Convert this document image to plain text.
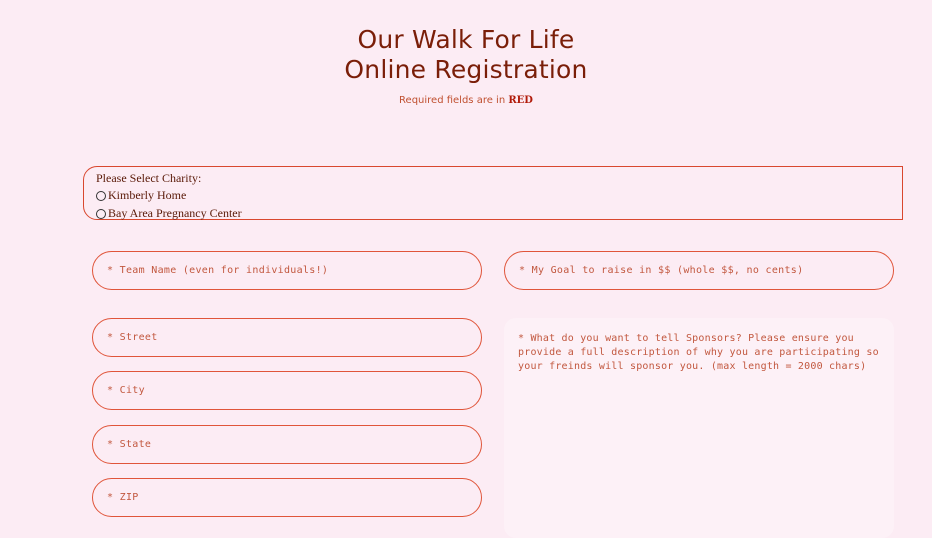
Our Walk For Life
Online Registration
Required fields are in RED
Please Select Charity:
Kimberly Home
Bay Area Pregnancy Center
* Team Name (even for individuals!)	* My Goal to raise in $$ (whole $$, no cents)
* Street
* City
* State
* ZIP
* What do you want to tell Sponsors? Please ensure you provide a full description of why you are participating so your freinds will sponsor you. (max length = 2000 chars)
